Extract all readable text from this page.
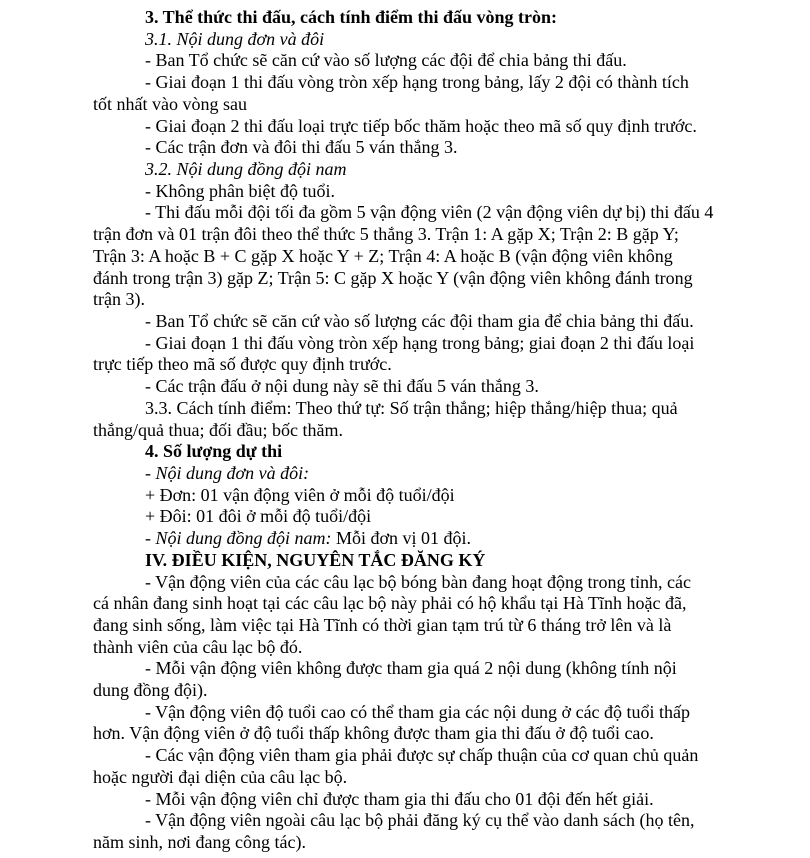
3. Thể thức thi đấu, cách tính điểm thi đấu vòng tròn:
3.1. Nội dung đơn và đôi
- Ban Tổ chức sẽ căn cứ vào số lượng các đội để chia bảng thi đấu.
- Giai đoạn 1 thi đấu vòng tròn xếp hạng trong bảng, lấy 2 đội có thành tích
tốt nhất vào vòng sau
- Giai đoạn 2 thi đấu loại trực tiếp bốc thăm hoặc theo mã số quy định trước.
- Các trận đơn và đôi thi đấu 5 ván thắng 3.
3.2. Nội dung đồng đội nam
- Không phân biệt độ tuổi.
- Thi đấu mỗi đội tối đa gồm 5 vận động viên (2 vận động viên dự bị) thi đấu 4
trận đơn và 01 trận đôi theo thể thức 5 thắng 3. Trận 1: A gặp X; Trận 2: B gặp Y;
Trận 3: A hoặc B + C gặp X hoặc Y + Z; Trận 4: A hoặc B (vận động viên không
đánh trong trận 3) gặp Z; Trận 5: C gặp X hoặc Y (vận động viên không đánh trong
trận 3).
- Ban Tổ chức sẽ căn cứ vào số lượng các đội tham gia để chia bảng thi đấu.
- Giai đoạn 1 thi đấu vòng tròn xếp hạng trong bảng; giai đoạn 2 thi đấu loại
trực tiếp theo mã số được quy định trước.
- Các trận đấu ở nội dung này sẽ thi đấu 5 ván thắng 3.
3.3. Cách tính điểm: Theo thứ tự: Số trận thắng; hiệp thắng/hiệp thua; quả
thắng/quả thua; đối đầu; bốc thăm.
4. Số lượng dự thi
- Nội dung đơn và đôi:
+ Đơn: 01 vận động viên ở mỗi độ tuổi/đội
+ Đôi: 01 đôi ở mỗi độ tuổi/đội
- Nội dung đồng đội nam: Mỗi đơn vị 01 đội.
IV. ĐIỀU KIỆN, NGUYÊN TẮC ĐĂNG KÝ
- Vận động viên của các câu lạc bộ bóng bàn đang hoạt động trong tỉnh, các
cá nhân đang sinh hoạt tại các câu lạc bộ này phải có hộ khẩu tại Hà Tĩnh hoặc đã,
đang sinh sống, làm việc tại Hà Tĩnh có thời gian tạm trú từ 6 tháng trở lên và là
thành viên của câu lạc bộ đó.
- Mỗi vận động viên không được tham gia quá 2 nội dung (không tính nội
dung đồng đội).
- Vận động viên độ tuổi cao có thể tham gia các nội dung ở các độ tuổi thấp
hơn. Vận động viên ở độ tuổi thấp không được tham gia thi đấu ở độ tuổi cao.
- Các vận động viên tham gia phải được sự chấp thuận của cơ quan chủ quản
hoặc người đại diện của câu lạc bộ.
- Mỗi vận động viên chỉ được tham gia thi đấu cho 01 đội đến hết giải.
- Vận động viên ngoài câu lạc bộ phải đăng ký cụ thể vào danh sách (họ tên,
năm sinh, nơi đang công tác).
